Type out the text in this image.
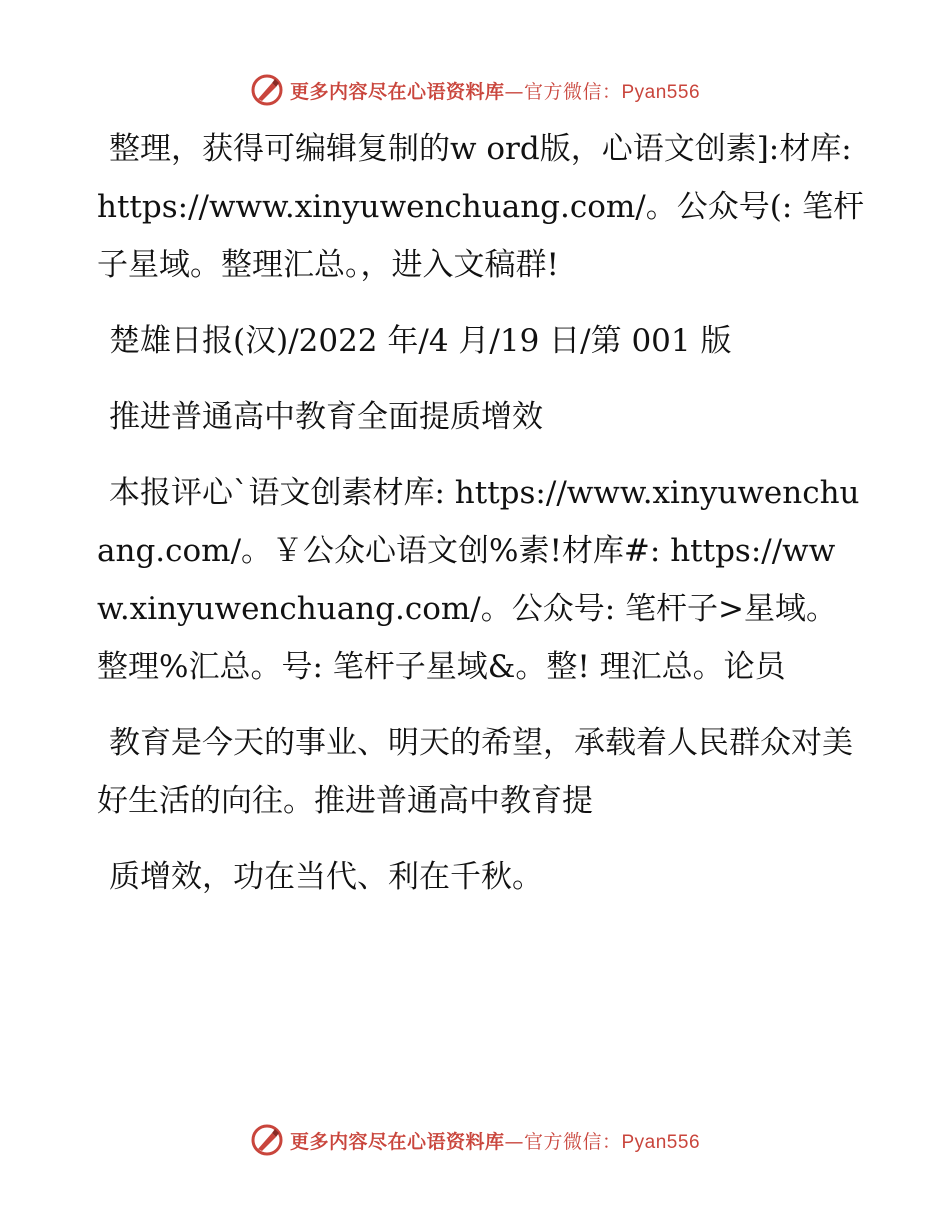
更多内容尽在心语资料库—官方微信：Pyan556

整理，获得可编辑复制的w ord版，心语文创素]:材库: https://www.xinyuwenchuang.com/。公众号(: 笔杆子星域。整理汇总。，进入文稿群!

楚雄日报(汉)/2022 年/4 月/19 日/第 001 版

推进普通高中教育全面提质增效

本报评心`语文创素材库: https://www.xinyuwenchuang.com/。￥公众心语文创%素!材库#: https://www.xinyuwenchuang.com/。公众号: 笔杆子>星域。整理%汇总。号: 笔杆子星域&。整! 理汇总。论员

教育是今天的事业、明天的希望，承载着人民群众对美好生活的向往。推进普通高中教育提

质增效，功在当代、利在千秋。

更多内容尽在心语资料库—官方微信：Pyan556
